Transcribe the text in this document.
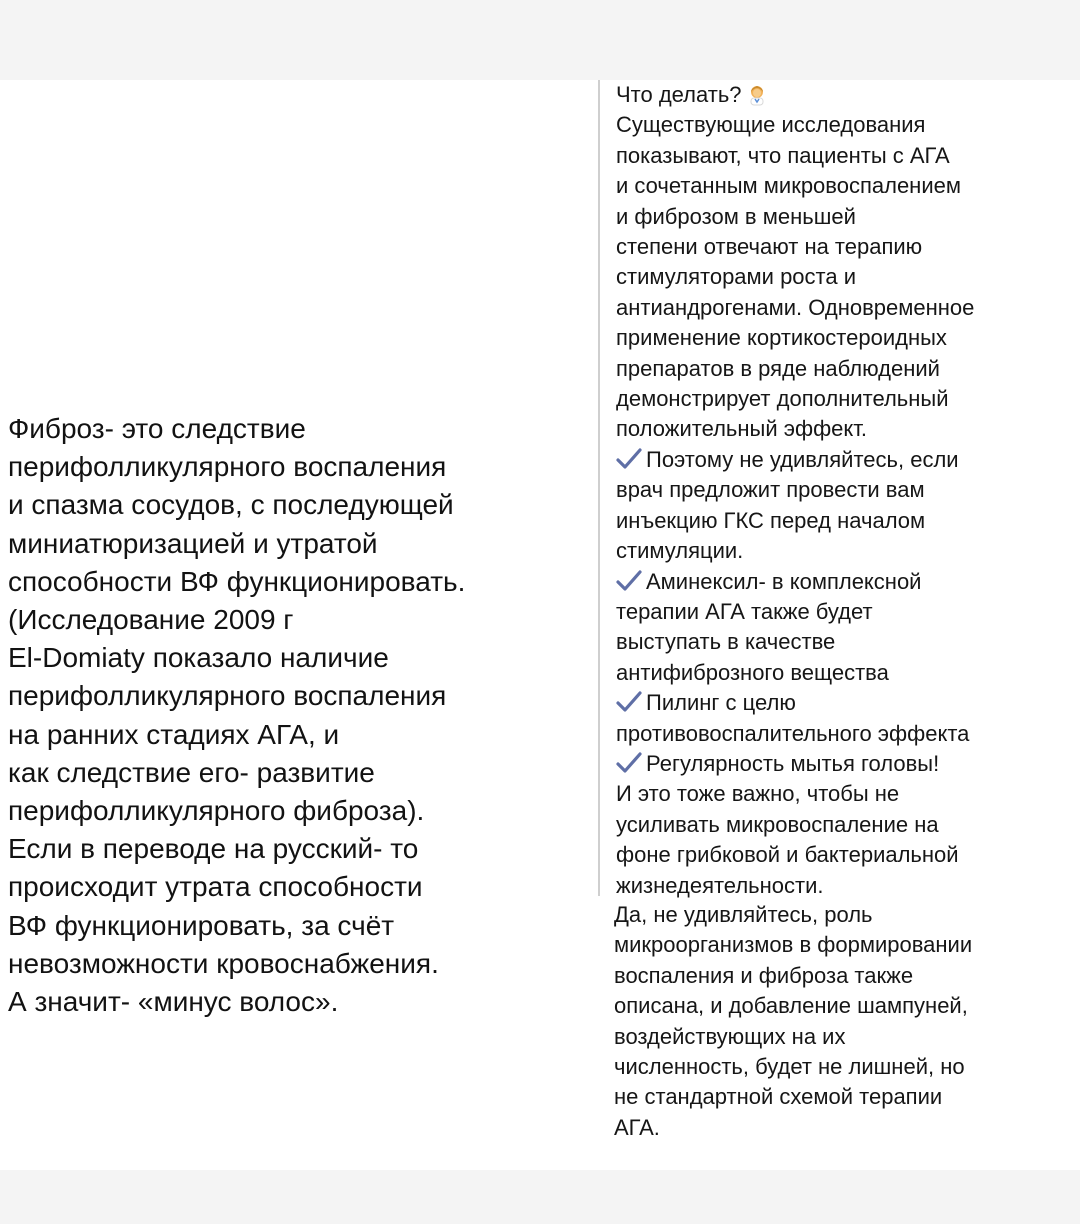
Фиброз- это следствие
перифолликулярного воспаления
и спазма сосудов, с последующей
миниатюризацией и утратой
способности ВФ функционировать.
(Исследование 2009 г
El-Domiaty показало наличие
перифолликулярного воспаления
на ранних стадиях АГА, и
как следствие его- развитие
перифолликулярного фиброза).
Если в переводе на русский- то
происходит утрата способности
ВФ функционировать, за счёт
невозможности кровоснабжения.
А значит- «минус волос».
Что делать?
Существующие исследования
показывают, что пациенты с АГА
и сочетанным микровоспалением
и фиброзом в меньшей
степени отвечают на терапию
стимуляторами роста и
антиандрогенами. Одновременное
применение кортикостероидных
препаратов в ряде наблюдений
демонстрирует дополнительный
положительный эффект.
Поэтому не удивляйтесь, если
врач предложит провести вам
инъекцию ГКС перед началом
стимуляции.
Аминексил- в комплексной
терапии АГА также будет
выступать в качестве
антифиброзного вещества
Пилинг с целю
противовоспалительного эффекта
Регулярность мытья головы!
И это тоже важно, чтобы не
усиливать микровоспаление на
фоне грибковой и бактериальной
жизнедеятельности.
Да, не удивляйтесь, роль
микроорганизмов в формировании
воспаления и фиброза также
описана, и добавление шампуней,
воздействующих на их
численность, будет не лишней, но
не стандартной схемой терапии
АГА.
